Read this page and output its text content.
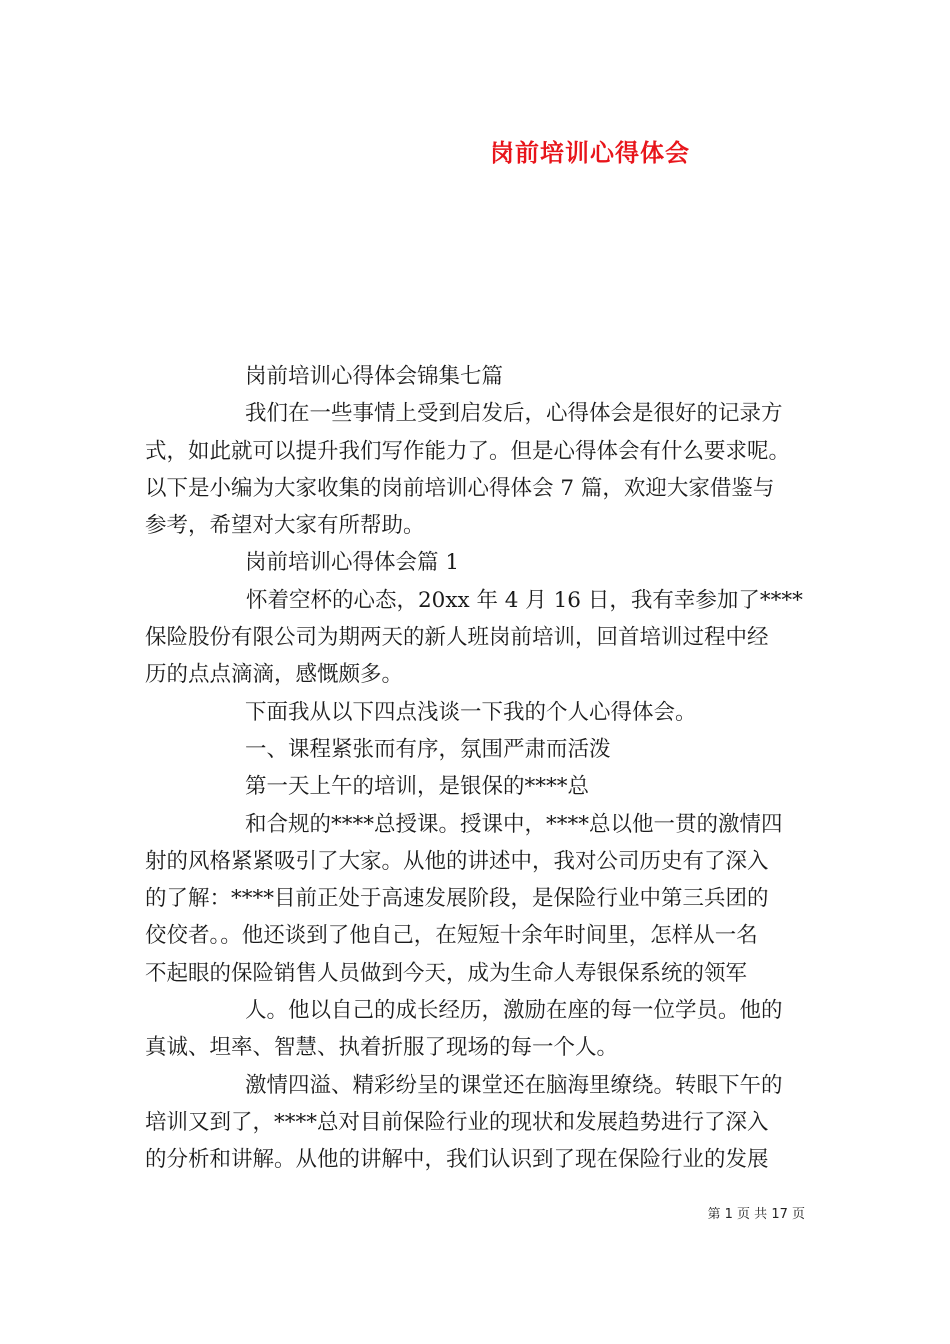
岗前培训心得体会
岗前培训心得体会锦集七篇
我们在一些事情上受到启发后，心得体会是很好的记录方
式，如此就可以提升我们写作能力了。但是心得体会有什么要求呢。
以下是小编为大家收集的岗前培训心得体会 7 篇，欢迎大家借鉴与
参考，希望对大家有所帮助。
岗前培训心得体会篇 1
怀着空杯的心态，20xx 年 4 月 16 日，我有幸参加了****
保险股份有限公司为期两天的新人班岗前培训，回首培训过程中经
历的点点滴滴，感慨颇多。
下面我从以下四点浅谈一下我的个人心得体会。
一、课程紧张而有序，氛围严肃而活泼
第一天上午的培训，是银保的****总
和合规的****总授课。授课中，****总以他一贯的激情四
射的风格紧紧吸引了大家。从他的讲述中，我对公司历史有了深入
的了解：****目前正处于高速发展阶段，是保险行业中第三兵团的
佼佼者。。他还谈到了他自己，在短短十余年时间里，怎样从一名
不起眼的保险销售人员做到今天，成为生命人寿银保系统的领军
人。他以自己的成长经历，激励在座的每一位学员。他的
真诚、坦率、智慧、执着折服了现场的每一个人。
激情四溢、精彩纷呈的课堂还在脑海里缭绕。转眼下午的
培训又到了，****总对目前保险行业的现状和发展趋势进行了深入
的分析和讲解。从他的讲解中，我们认识到了现在保险行业的发展
第 1 页 共 17 页
